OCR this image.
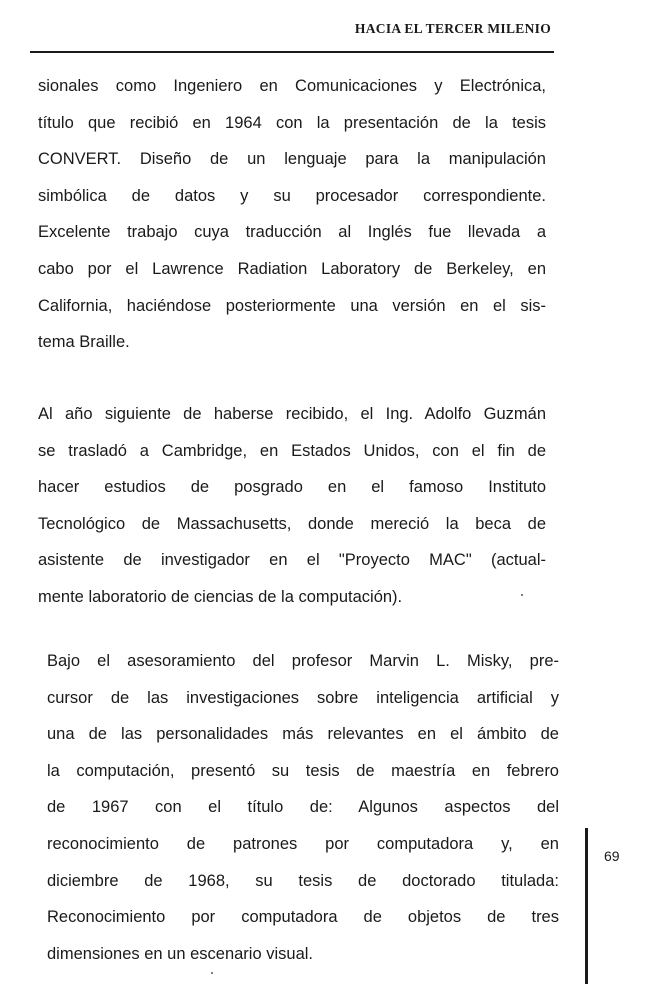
HACIA EL TERCER MILENIO
sionales como Ingeniero en Comunicaciones y Electrónica,
título que recibió en 1964 con la presentación de la tesis
CONVERT. Diseño de un lenguaje para la manipulación
simbólica de datos y su procesador correspondiente.
Excelente trabajo cuya traducción al Inglés fue llevada a
cabo por el Lawrence Radiation Laboratory de Berkeley, en
California, haciéndose posteriormente una versión en el sis-
tema Braille.
Al año siguiente de haberse recibido, el Ing. Adolfo Guzmán
se trasladó a Cambridge, en Estados Unidos, con el fin de
hacer estudios de posgrado en el famoso Instituto
Tecnológico de Massachusetts, donde mereció la beca de
asistente de investigador en el "Proyecto MAC" (actual-
mente laboratorio de ciencias de la computación).
Bajo el asesoramiento del profesor Marvin L. Misky, pre-
cursor de las investigaciones sobre inteligencia artificial y
una de las personalidades más relevantes en el ámbito de
la computación, presentó su tesis de maestría en febrero
de 1967 con el título de: Algunos aspectos del
reconocimiento de patrones por computadora y, en
diciembre de 1968, su tesis de doctorado titulada:
Reconocimiento por computadora de objetos de tres
dimensiones en un escenario visual.
69
